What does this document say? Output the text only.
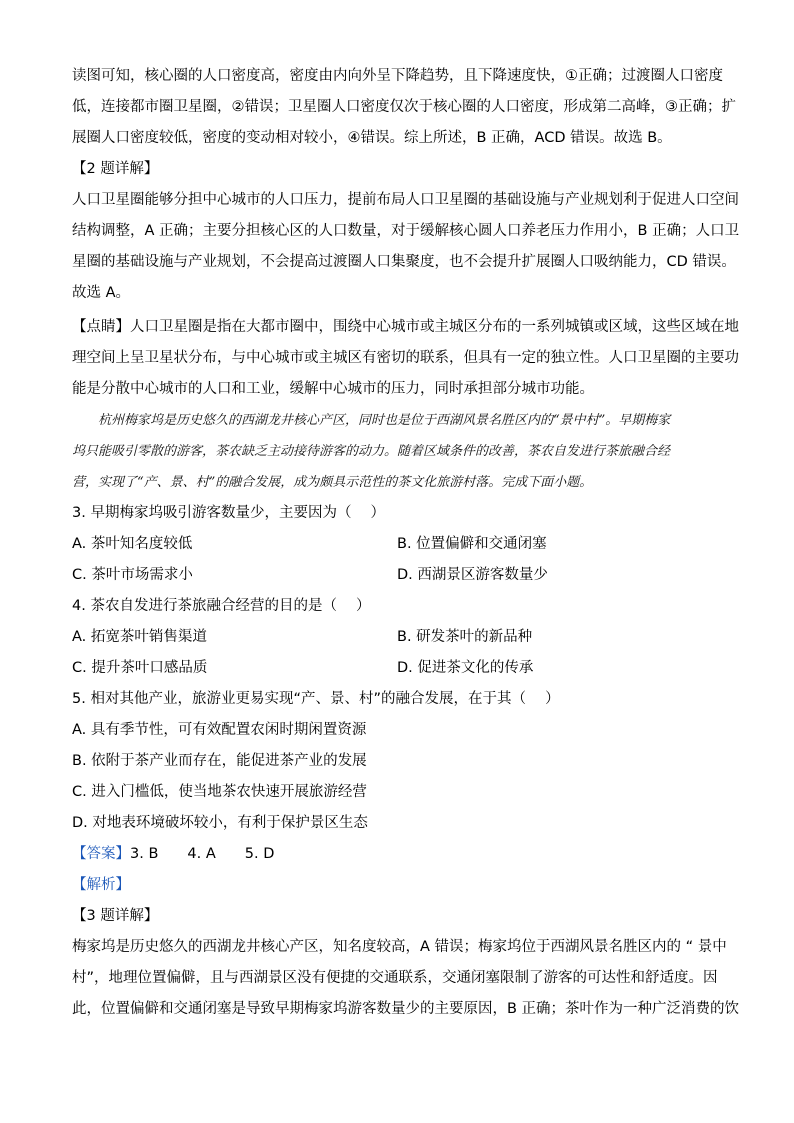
读图可知，核心圈的人口密度高，密度由内向外呈下降趋势，且下降速度快，①正确；过渡圈人口密度
低，连接都市圈卫星圈，②错误；卫星圈人口密度仅次于核心圈的人口密度，形成第二高峰，③正确；扩
展圈人口密度较低，密度的变动相对较小，④错误。综上所述，B 正确，ACD 错误。故选 B。
【2 题详解】
人口卫星圈能够分担中心城市的人口压力，提前布局人口卫星圈的基础设施与产业规划利于促进人口空间
结构调整，A 正确；主要分担核心区的人口数量，对于缓解核心圆人口养老压力作用小，B 正确；人口卫
星圈的基础设施与产业规划，不会提高过渡圈人口集聚度，也不会提升扩展圈人口吸纳能力，CD 错误。
故选 A。
【点睛】人口卫星圈是指在大都市圈中，围绕中心城市或主城区分布的一系列城镇或区域，这些区域在地
理空间上呈卫星状分布，与中心城市或主城区有密切的联系，但具有一定的独立性。人口卫星圈的主要功
能是分散中心城市的人口和工业，缓解中心城市的压力，同时承担部分城市功能。
　　杭州梅家坞是历史悠久的西湖龙井核心产区，同时也是位于西湖风景名胜区内的“景中村”。早期梅家
坞只能吸引零散的游客，茶农缺乏主动接待游客的动力。随着区域条件的改善，茶农自发进行茶旅融合经
营，实现了“产、景、村”的融合发展，成为颇具示范性的茶文化旅游村落。完成下面小题。
3. 早期梅家坞吸引游客数量少，主要因为（　 ）
A. 茶叶知名度较低	B. 位置偏僻和交通闭塞
C. 茶叶市场需求小	D. 西湖景区游客数量少
4. 茶农自发进行茶旅融合经营的目的是（　 ）
A. 拓宽茶叶销售渠道	B. 研发茶叶的新品种
C. 提升茶叶口感品质	D. 促进茶文化的传承
5. 相对其他产业，旅游业更易实现“产、景、村”的融合发展，在于其（　 ）
A. 具有季节性，可有效配置农闲时期闲置资源
B. 依附于茶产业而存在，能促进茶产业的发展
C. 进入门槛低，使当地茶农快速开展旅游经营
D. 对地表环境破坏较小，有利于保护景区生态
【答案】3. B　　4. A　　5. D
【解析】
【3 题详解】
梅家坞是历史悠久的西湖龙井核心产区，知名度较高，A 错误；梅家坞位于西湖风景名胜区内的 “ 景中
村”，地理位置偏僻，且与西湖景区没有便捷的交通联系，交通闭塞限制了游客的可达性和舒适度。因
此，位置偏僻和交通闭塞是导致早期梅家坞游客数量少的主要原因，B 正确；茶叶作为一种广泛消费的饮
